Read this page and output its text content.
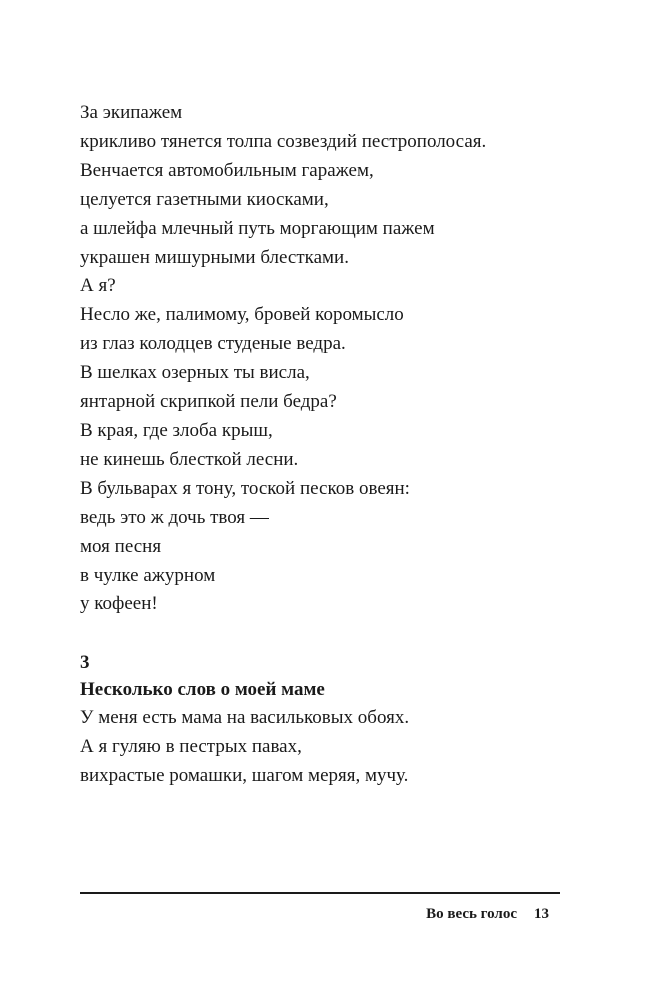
За экипажем
крикливо тянется толпа созвездий пестрополосая.
Венчается автомобильным гаражем,
целуется газетными киосками,
а шлейфа млечный путь моргающим пажем
украшен мишурными блестками.
А я?
Несло же, палимому, бровей коромысло
из глаз колодцев студеные ведра.
В шелках озерных ты висла,
янтарной скрипкой пели бедра?
В края, где злоба крыш,
не кинешь блесткой лесни.
В бульварах я тону, тоской песков овеян:
ведь это ж дочь твоя —
моя песня
в чулке ажурном
у кофеен!
3
Несколько слов о моей маме
У меня есть мама на васильковых обоях.
А я гуляю в пестрых павах,
вихрастые ромашки, шагом меряя, мучу.
Во весь голос 13
